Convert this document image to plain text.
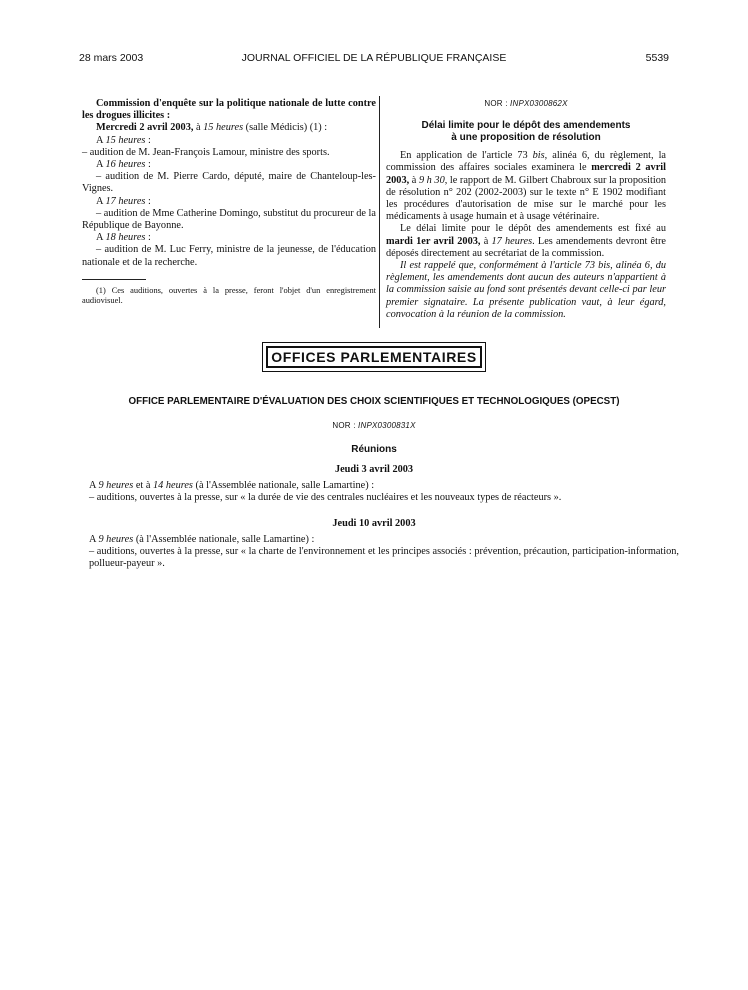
JOURNAL OFFICIEL DE LA RÉPUBLIQUE FRANÇAISE
28 mars 2003	5539

Commission d'enquête sur la politique nationale de lutte contre les drogues illicites :

Mercredi 2 avril 2003, à 15 heures (salle Médicis) (1) :

A 15 heures :

– audition de M. Jean-François Lamour, ministre des sports.

A 16 heures :

– audition de M. Pierre Cardo, député, maire de Chanteloup-les-Vignes.

A 17 heures :

– audition de Mme Catherine Domingo, substitut du procureur de la République de Bayonne.

A 18 heures :

– audition de M. Luc Ferry, ministre de la jeunesse, de l'éducation nationale et de la recherche.

(1) Ces auditions, ouvertes à la presse, feront l'objet d'un enregistrement audiovisuel.

NOR : INPX0300862X

Délai limite pour le dépôt des amendements

à une proposition de résolution

En application de l'article 73 bis, alinéa 6, du règlement, la commission des affaires sociales examinera le mercredi 2 avril 2003, à 9 h 30, le rapport de M. Gilbert Chabroux sur la proposition de résolution n° 202 (2002-2003) sur le texte n° E 1902 modifiant les procédures d'autorisation de mise sur le marché pour les médicaments à usage humain et à usage vétérinaire.

Le délai limite pour le dépôt des amendements est fixé au mardi 1er avril 2003, à 17 heures. Les amendements devront être déposés directement au secrétariat de la commission.

Il est rappelé que, conformément à l'article 73 bis, alinéa 6, du règlement, les amendements dont aucun des auteurs n'appartient à la commission saisie au fond sont présentés devant celle-ci par leur premier signataire. La présente publication vaut, à leur égard, convocation à la réunion de la commission.

OFFICES PARLEMENTAIRES
OFFICE PARLEMENTAIRE D'ÉVALUATION DES CHOIX SCIENTIFIQUES ET TECHNOLOGIQUES (OPECST)
NOR : INPX0300831X
Réunions
Jeudi 3 avril 2003
A 9 heures et à 14 heures (à l'Assemblée nationale, salle Lamartine) :
– auditions, ouvertes à la presse, sur « la durée de vie des centrales nucléaires et les nouveaux types de réacteurs ».
Jeudi 10 avril 2003
A 9 heures (à l'Assemblée nationale, salle Lamartine) :
– auditions, ouvertes à la presse, sur « la charte de l'environnement et les principes associés : prévention, précaution, participation-information, pollueur-payeur ».
